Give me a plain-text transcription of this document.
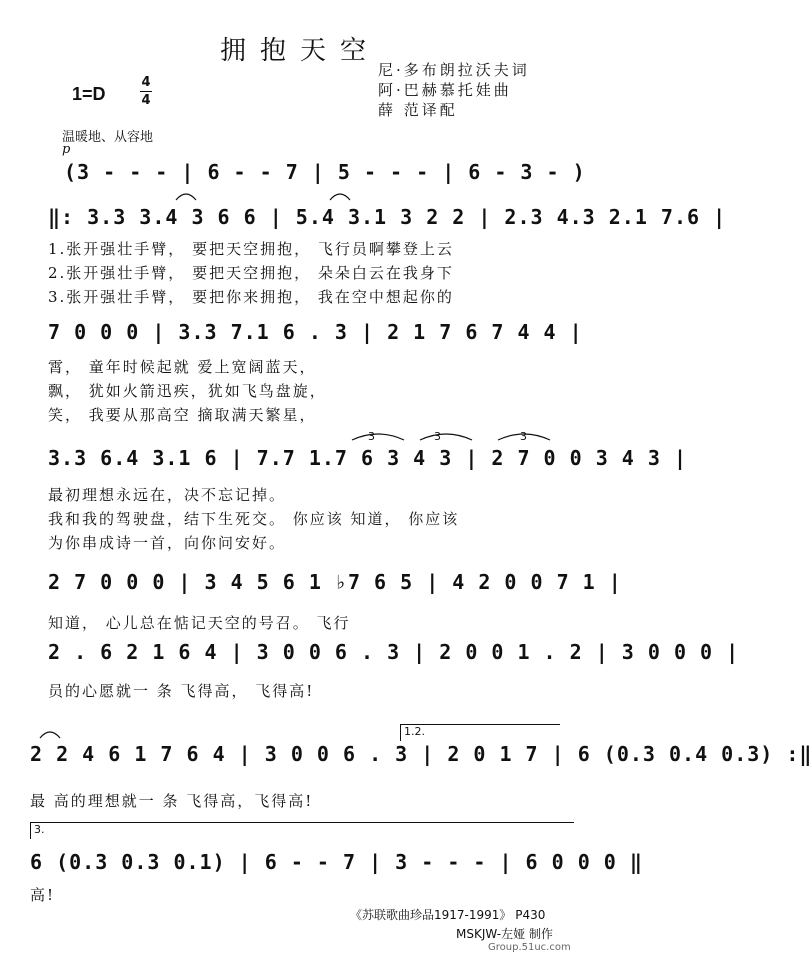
拥抱天空
尼·多布朗拉沃夫词
阿·巴赫慕托娃曲
薛 范译配
1=D
4
4
温暖地、从容地
p
(3 - - - | 6 - - 7 | 5 - - - | 6 - 3 - )
‖: 3.3 3.4 3 6 6 | 5.4 3.1 3 2 2 | 2.3 4.3 2.1 7.6 |
1.张开强壮手臂， 要把天空拥抱， 飞行员啊攀登上云
2.张开强壮手臂， 要把天空拥抱， 朵朵白云在我身下
3.张开强壮手臂， 要把你来拥抱， 我在空中想起你的
7 0 0 0 | 3.3 7.1 6 . 3 | 2 1 7 6 7 4 4 |
霄， 童年时候起就 爱上宽阔蓝天，
飘， 犹如火箭迅疾，犹如飞鸟盘旋，
笑， 我要从那高空 摘取满天繁星，
3.3 6.4 3.1 6 | 7.7 1.7 6 3 4 3 | 2 7 0 0 3 4 3 |
最初理想永远在，决不忘记掉。
我和我的驾驶盘，结下生死交。 你应该 知道， 你应该
为你串成诗一首，向你问安好。
2 7 0 0 0 | 3 4 5 6 1 ♭7 6 5 | 4 2 0 0 7 1 |
知道， 心儿总在惦记天空的号召。 飞行
2 . 6 2 1 6 4 | 3 0 0 6 . 3 | 2 0 0 1 . 2 | 3 0 0 0 |
员的心愿就一 条 飞得高， 飞得高!
2 2 4 6 1 7 6 4 | 3 0 0 6 . 3 | 2 0 1 7 | 6 (0.3 0.4 0.3) :‖
最 高的理想就一 条 飞得高，飞得高!
1.2.
3.
6 (0.3 0.3 0.1) | 6 - - 7 | 3 - - - | 6 0 0 0 ‖
高!
3	3	3
《苏联歌曲珍品1917-1991》 P430
MSKJW-左娅 制作
Group.51uc.com
